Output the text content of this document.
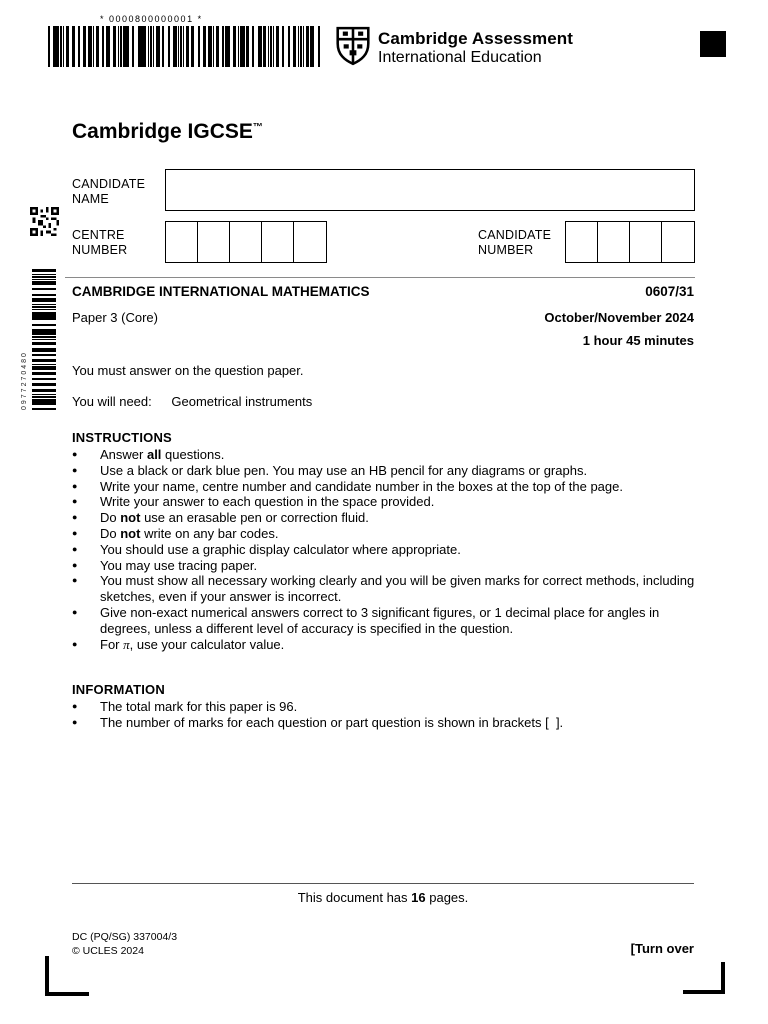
* 0000800000001 *
Cambridge Assessment
International Education
Cambridge IGCSE™
CANDIDATE
NAME
CENTRE
NUMBER
CANDIDATE
NUMBER
0977270480
CAMBRIDGE INTERNATIONAL MATHEMATICS	0607/31
Paper 3 (Core)	October/November 2024
1 hour 45 minutes
You must answer on the question paper.
You will need: Geometrical instruments
INSTRUCTIONS
●	Answer all questions.
●	Use a black or dark blue pen. You may use an HB pencil for any diagrams or graphs.
●	Write your name, centre number and candidate number in the boxes at the top of the page.
●	Write your answer to each question in the space provided.
●	Do not use an erasable pen or correction fluid.
●	Do not write on any bar codes.
●	You should use a graphic display calculator where appropriate.
●	You may use tracing paper.
●	You must show all necessary working clearly and you will be given marks for correct methods, including sketches, even if your answer is incorrect.
●	Give non-exact numerical answers correct to 3 significant figures, or 1 decimal place for angles in degrees, unless a different level of accuracy is specified in the question.
●	For π, use your calculator value.
INFORMATION
●	The total mark for this paper is 96.
●	The number of marks for each question or part question is shown in brackets [  ].
This document has 16 pages.
DC (PQ/SG) 337004/3
© UCLES 2024	[Turn over
